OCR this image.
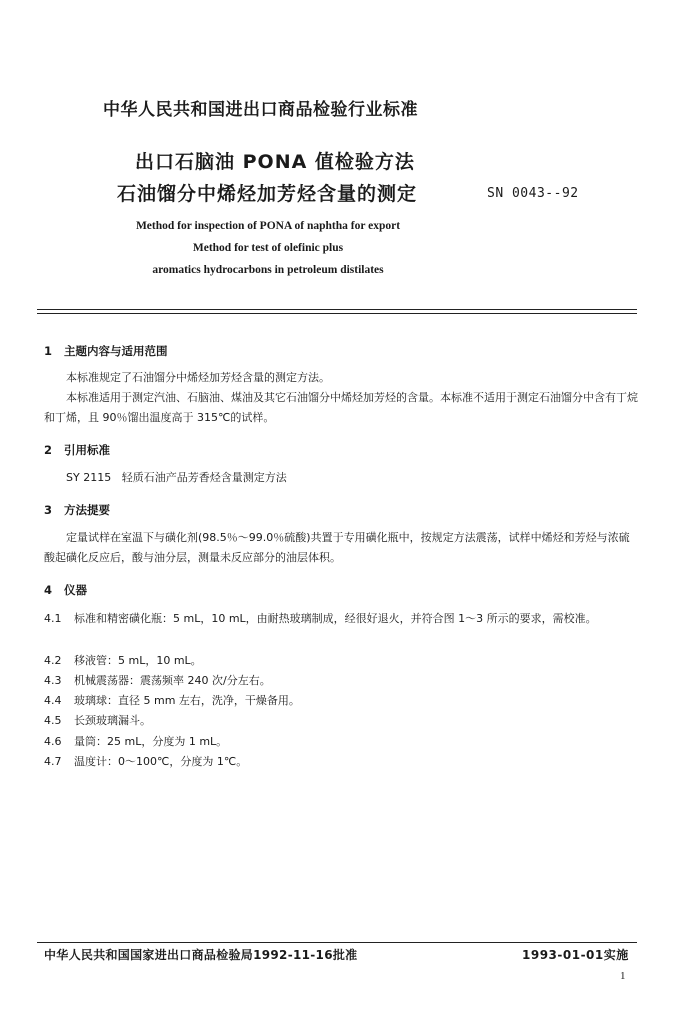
中华人民共和国进出口商品检验行业标准
出口石脑油 PONA 值检验方法
石油馏分中烯烃加芳烃含量的测定	SN 0043--92
Method for inspection of PONA of naphtha for export
Method for test of olefinic plus
aromatics hydrocarbons in petroleum distilates
1 主题内容与适用范围
本标准规定了石油馏分中烯烃加芳烃含量的测定方法。
本标准适用于测定汽油、石脑油、煤油及其它石油馏分中烯烃加芳烃的含量。本标准不适用于测定石油馏分中含有丁烷和丁烯，且 90％馏出温度高于 315℃的试样。
2 引用标准
SY 2115 轻质石油产品芳香烃含量测定方法
3 方法提要
定量试样在室温下与磺化剂(98.5％～99.0％硫酸)共置于专用磺化瓶中，按规定方法震荡，试样中烯烃和芳烃与浓硫酸起磺化反应后，酸与油分层，测量未反应部分的油层体积。
4 仪器
4.1 标准和精密磺化瓶：5 mL，10 mL，由耐热玻璃制成，经很好退火，并符合图 1～3 所示的要求，需校准。
4.2 移液管：5 mL，10 mL。
4.3 机械震荡器：震荡频率 240 次/分左右。
4.4 玻璃球：直径 5 mm 左右，洗净，干燥备用。
4.5 长颈玻璃漏斗。
4.6 量筒：25 mL，分度为 1 mL。
4.7 温度计：0～100℃，分度为 1℃。
中华人民共和国国家进出口商品检验局1992-11-16批准	1993-01-01实施
1
